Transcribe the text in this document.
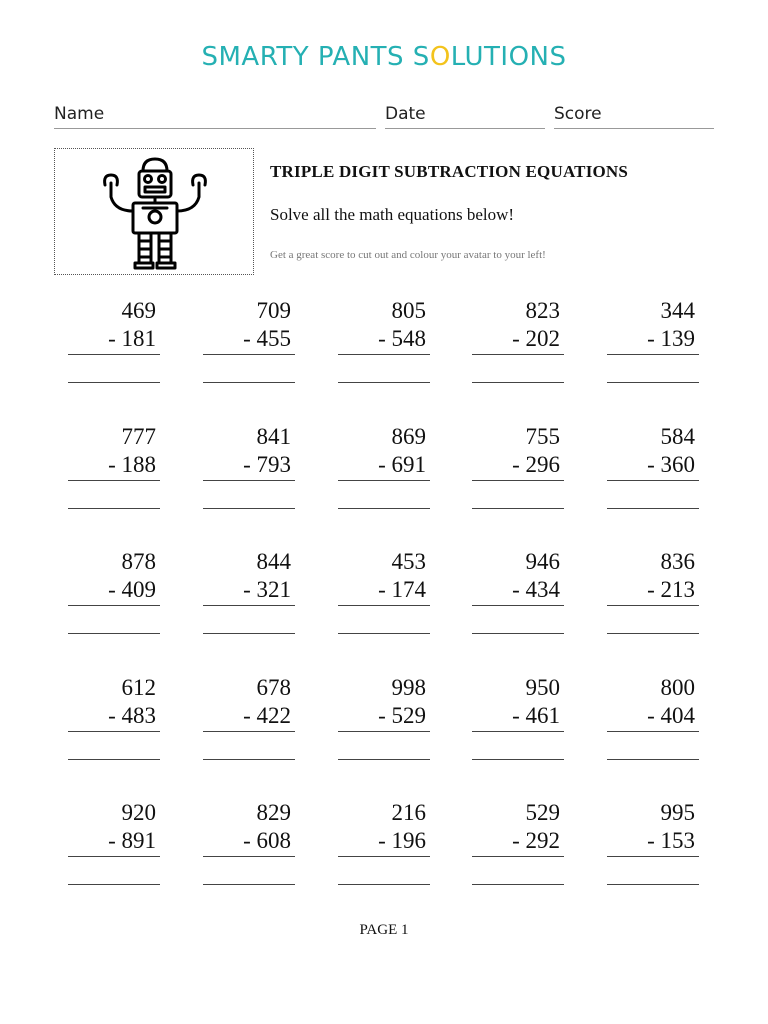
SMARTY PANTS SOLUTIONS
Name	Date	Score
TRIPLE DIGIT SUBTRACTION EQUATIONS
Solve all the math equations below!
Get a great score to cut out and colour your avatar to your left!
469
- 181
709
- 455
805
- 548
823
- 202
344
- 139
777
- 188
841
- 793
869
- 691
755
- 296
584
- 360
878
- 409
844
- 321
453
- 174
946
- 434
836
- 213
612
- 483
678
- 422
998
- 529
950
- 461
800
- 404
920
- 891
829
- 608
216
- 196
529
- 292
995
- 153
PAGE 1
